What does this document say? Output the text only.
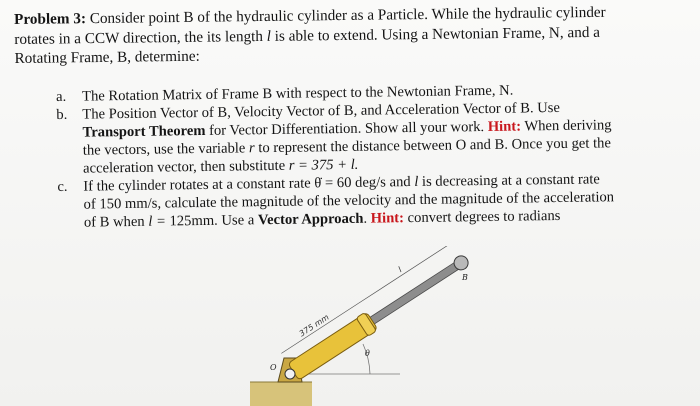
Problem 3: Consider point B of the hydraulic cylinder as a Particle. While the hydraulic cylinder
rotates in a CCW direction, the its length l is able to extend. Using a Newtonian Frame, N, and a
Rotating Frame, B, determine:
a. The Rotation Matrix of Frame B with respect to the Newtonian Frame, N.
b. The Position Vector of B, Velocity Vector of B, and Acceleration Vector of B. Use
Transport Theorem for Vector Differentiation. Show all your work. Hint: When deriving
the vectors, use the variable r to represent the distance between O and B. Once you get the
acceleration vector, then substitute r = 375 + l.
c. If the cylinder rotates at a constant rate θ̇ = 60 deg/s and l is decreasing at a constant rate
of 150 mm/s, calculate the magnitude of the velocity and the magnitude of the acceleration
of B when l = 125mm. Use a Vector Approach. Hint: convert degrees to radians
θ
375 mm
l
O
B
